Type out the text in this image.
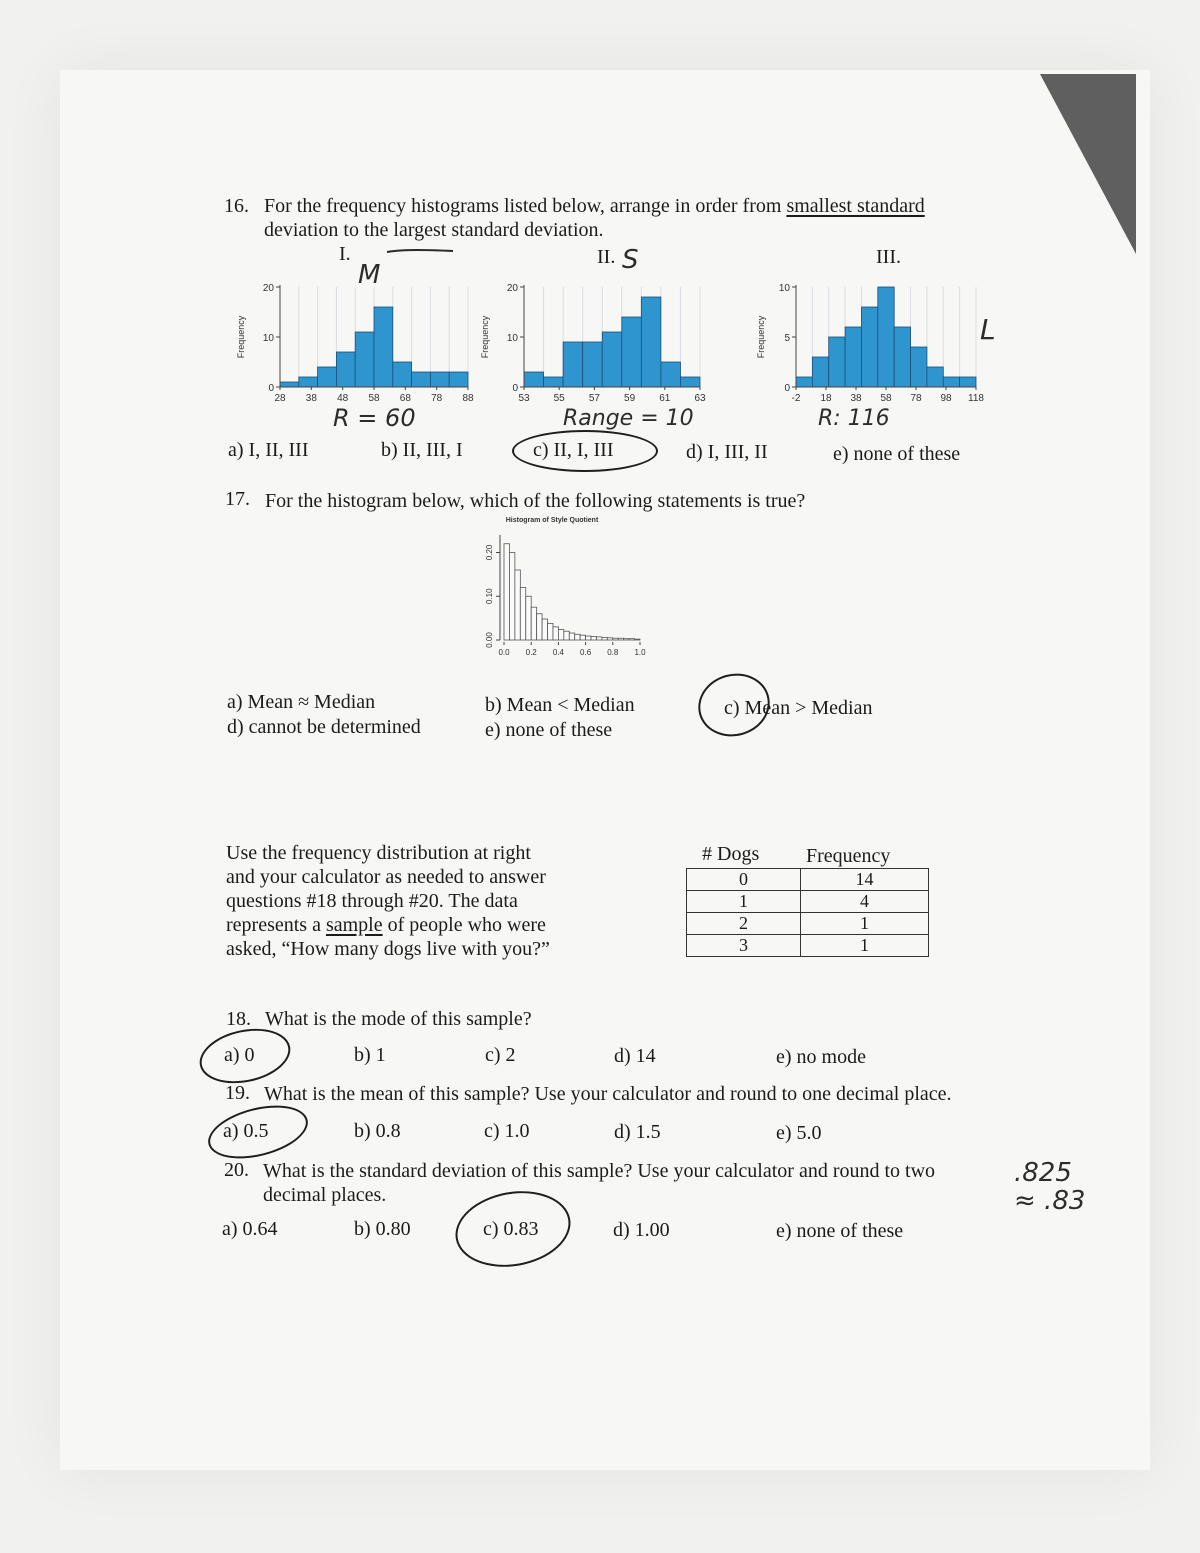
16. For the frequency histograms listed below, arrange in order from smallest standard
deviation to the largest standard deviation.
I.	II.	III.
0
10
20
28 38 48 58 68 78 88
Frequency
0
10
20
53 55 57 59 61 63
Frequency
0
5
10
-2 18 38 58 78 98 118
Frequency
M	S
L
R = 60	Range = 10	R: 116
a) I, II, III	b) II, III, I	c) II, I, III	d) I, III, II	e) none of these
17. For the histogram below, which of the following statements is true?
Histogram of Style Quotient
0.00
0.10
0.20
0.0 0.2 0.4 0.6 0.8 1.0
a) Mean ≈ Median	b) Mean < Median	c) Mean > Median
d) cannot be determined	e) none of these
Use the frequency distribution at right
and your calculator as needed to answer
questions #18 through #20. The data
represents a sample of people who were
asked, “How many dogs live with you?”
# Dogs Frequency
0	14
1	4
2	1
3	1
18. What is the mode of this sample?
a) 0	b) 1	c) 2	d) 14	e) no mode
19. What is the mean of this sample? Use your calculator and round to one decimal place.
a) 0.5	b) 0.8	c) 1.0	d) 1.5	e) 5.0
20. What is the standard deviation of this sample? Use your calculator and round to two
decimal places.
a) 0.64	b) 0.80	c) 0.83	d) 1.00	e) none of these
.825
≈ .83
